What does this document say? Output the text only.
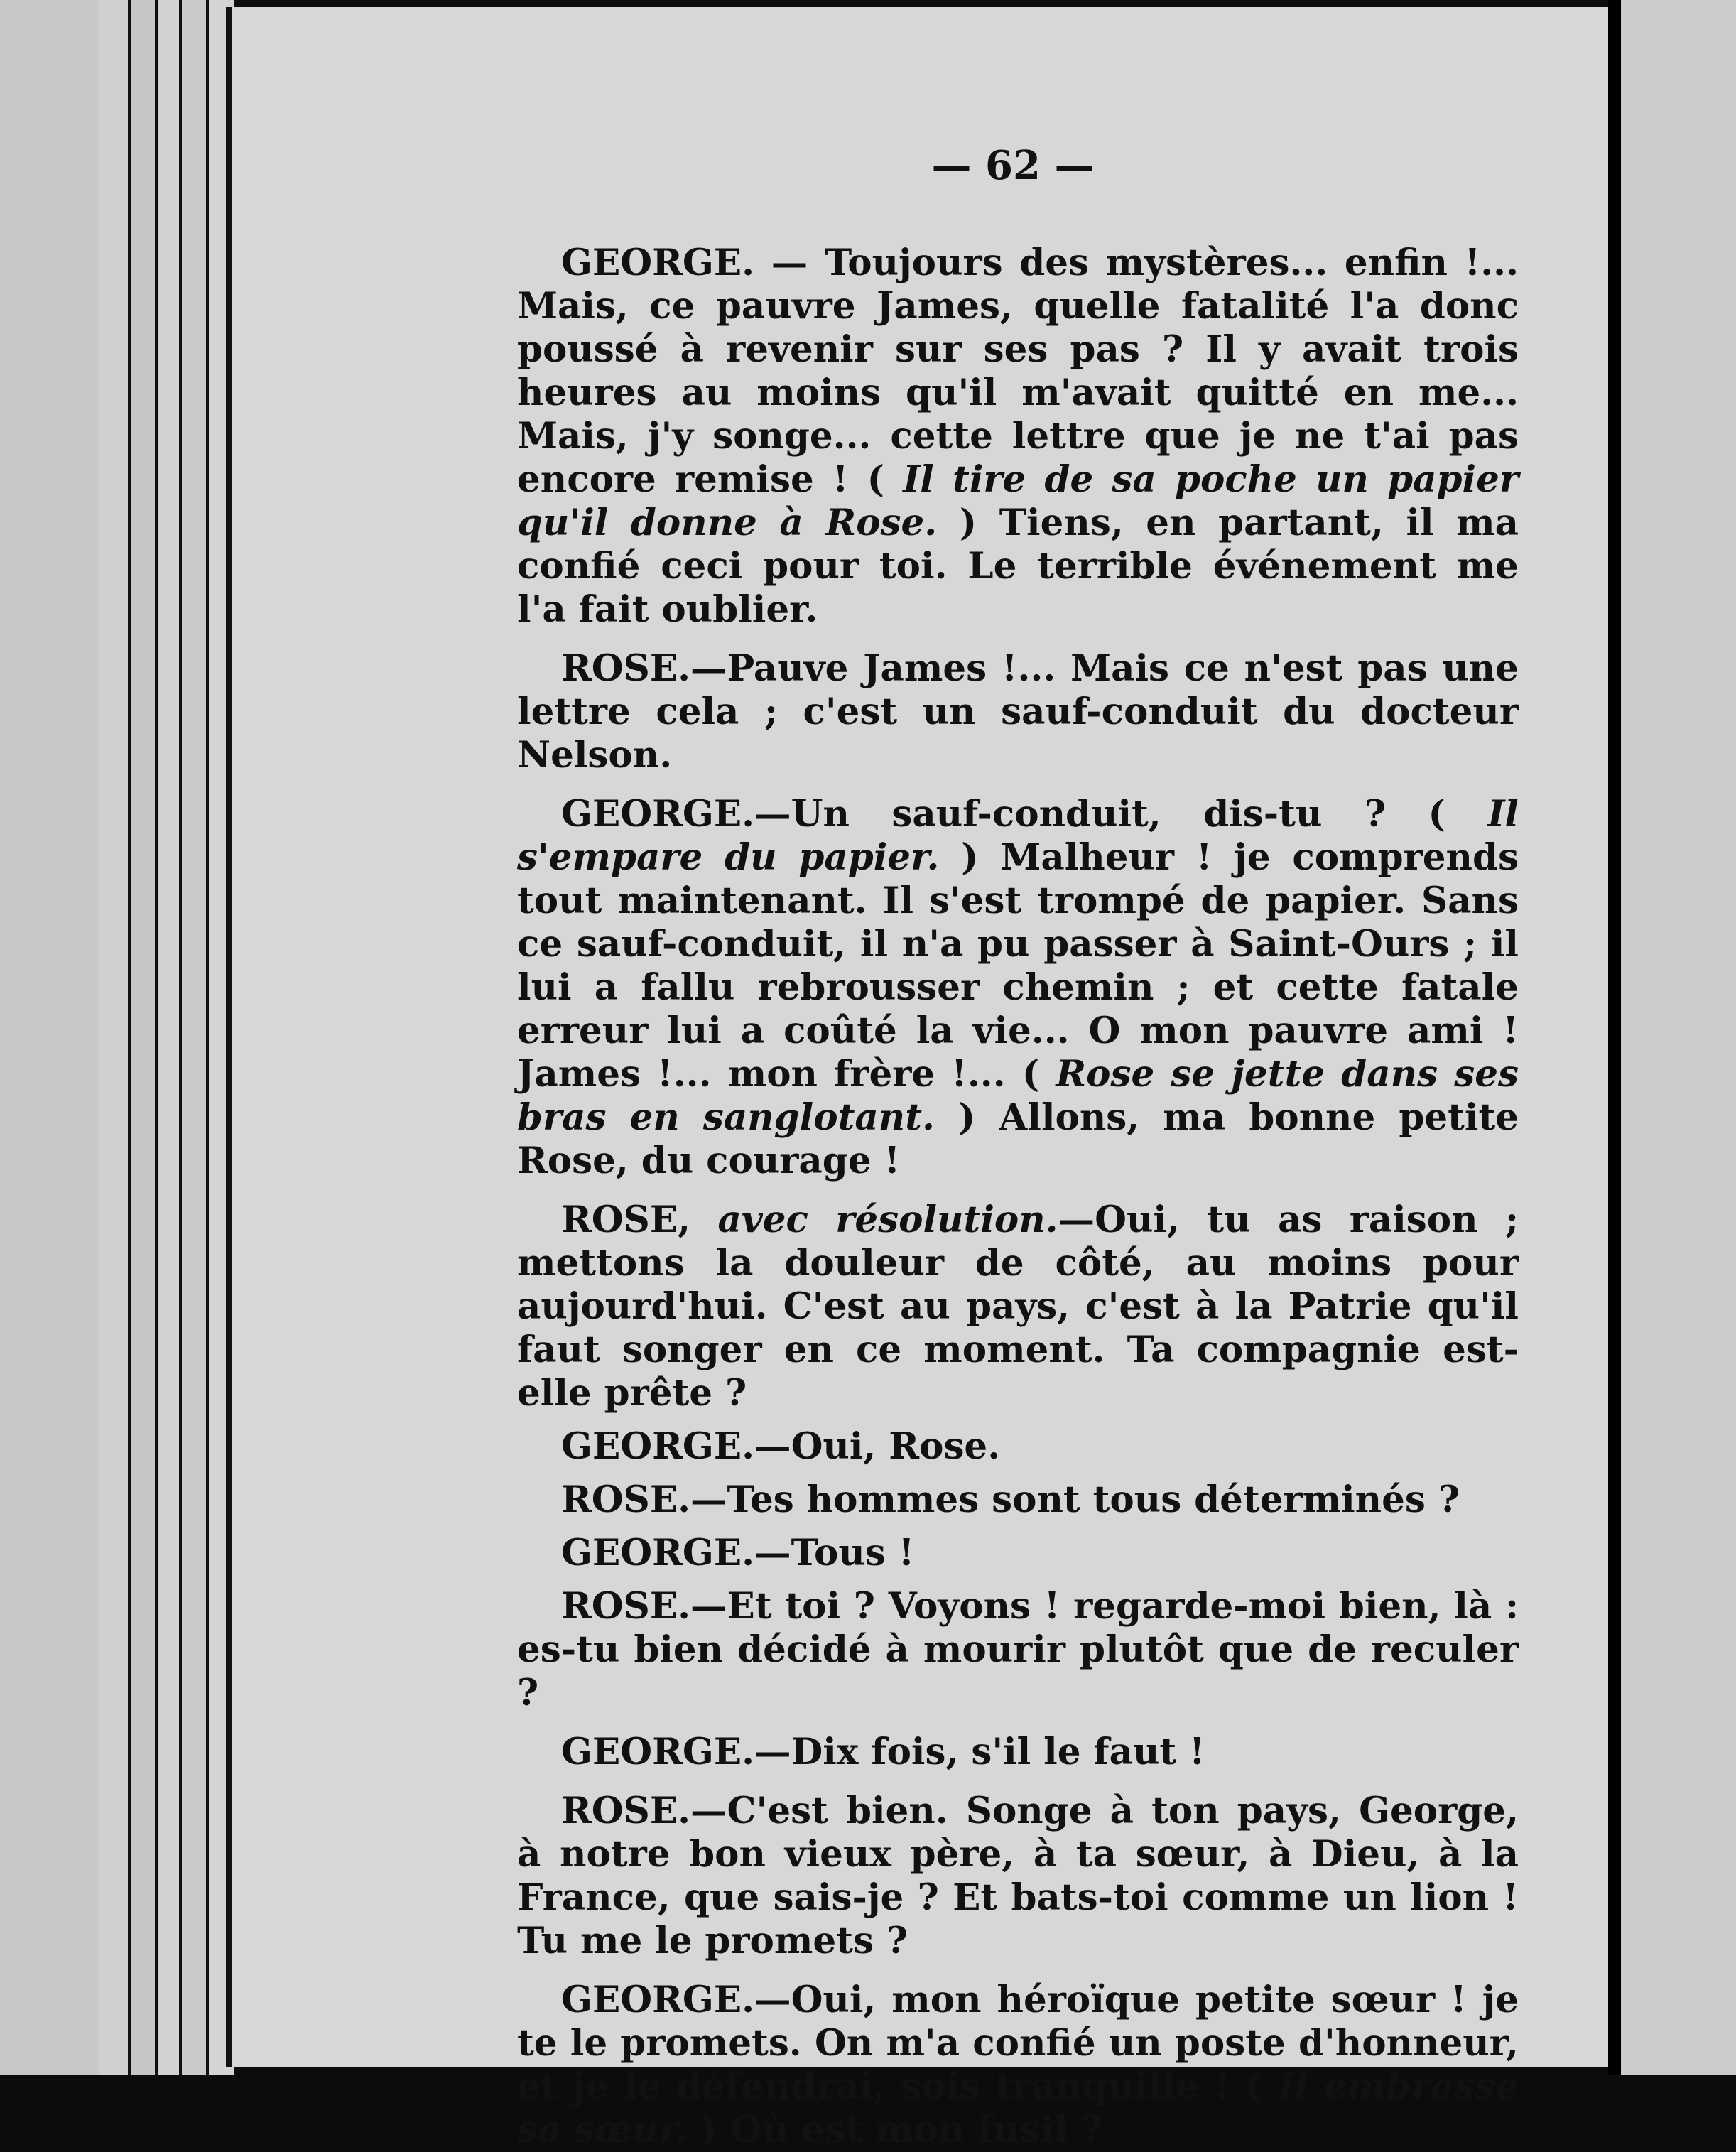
— 62 —

GEORGE. — Toujours des mystères... enfin !... Mais, ce pauvre James, quelle fatalité l'a donc poussé à revenir sur ses pas ? Il y avait trois heures au moins qu'il m'avait quitté en me... Mais, j'y songe... cette lettre que je ne t'ai pas encore remise ! ( Il tire de sa poche un papier qu'il donne à Rose. ) Tiens, en partant, il ma confié ceci pour toi. Le terrible événement me l'a fait oublier.

ROSE.—Pauve James !... Mais ce n'est pas une lettre cela ; c'est un sauf-conduit du docteur Nelson.

GEORGE.—Un sauf-conduit, dis-tu ? ( Il s'empare du papier. ) Malheur ! je comprends tout maintenant. Il s'est trompé de papier. Sans ce sauf-conduit, il n'a pu passer à Saint-Ours ; il lui a fallu rebrousser chemin ; et cette fatale erreur lui a coûté la vie... O mon pauvre ami ! James !... mon frère !... ( Rose se jette dans ses bras en sanglotant. ) Allons, ma bonne petite Rose, du courage !

ROSE, avec résolution.—Oui, tu as raison ; mettons la douleur de côté, au moins pour aujourd'hui. C'est au pays, c'est à la Patrie qu'il faut songer en ce moment. Ta compagnie est-elle prête ?

GEORGE.—Oui, Rose.

ROSE.—Tes hommes sont tous déterminés ?

GEORGE.—Tous !

ROSE.—Et toi ? Voyons ! regarde-moi bien, là : es-tu bien décidé à mourir plutôt que de reculer ?

GEORGE.—Dix fois, s'il le faut !

ROSE.—C'est bien. Songe à ton pays, George, à notre bon vieux père, à ta sœur, à Dieu, à la France, que sais-je ? Et bats-toi comme un lion ! Tu me le promets ?

GEORGE.—Oui, mon héroïque petite sœur ! je te le promets. On m'a confié un poste d'honneur, et je le défendrai, sois tranquille ! ( Il embrasse sa sœur. ) Où est mon fusil ?
